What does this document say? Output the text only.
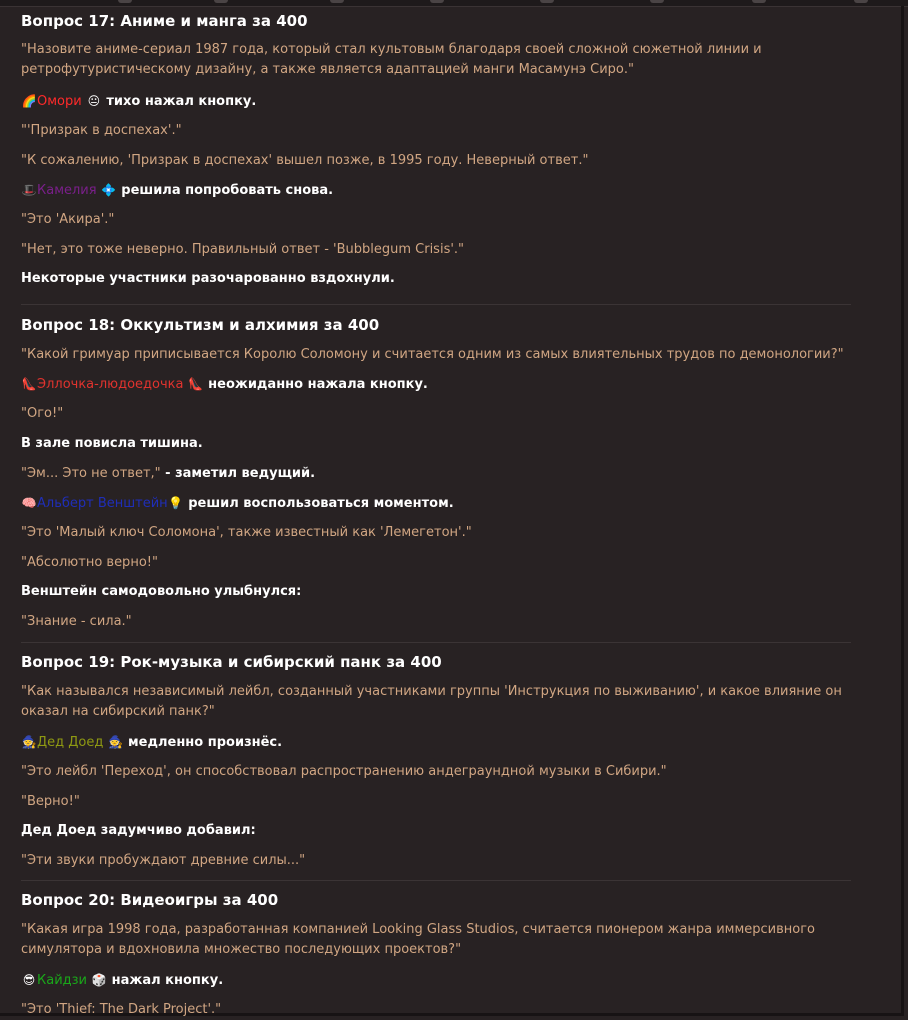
Вопрос 17: Аниме и манга за 400
"Назовите аниме-сериал 1987 года, который стал культовым благодаря своей сложной сюжетной линии и ретрофутуристическому дизайну, а также является адаптацией манги Масамунэ Сиро."
🌈Омори 😐 тихо нажал кнопку.
"'Призрак в доспехах'."
"К сожалению, 'Призрак в доспехах' вышел позже, в 1995 году. Неверный ответ."
🎩Камелия 💠 решила попробовать снова.
"Это 'Акира'."
"Нет, это тоже неверно. Правильный ответ - 'Bubblegum Crisis'."
Некоторые участники разочарованно вздохнули.
Вопрос 18: Оккультизм и алхимия за 400
"Какой гримуар приписывается Королю Соломону и считается одним из самых влиятельных трудов по демонологии?"
👠Эллочка-людоедочка 👠 неожиданно нажала кнопку.
"Ого!"
В зале повисла тишина.
"Эм... Это не ответ," - заметил ведущий.
🧠Альберт Венштейн💡 решил воспользоваться моментом.
"Это 'Малый ключ Соломона', также известный как 'Лемегетон'."
"Абсолютно верно!"
Венштейн самодовольно улыбнулся:
"Знание - сила."
Вопрос 19: Рок-музыка и сибирский панк за 400
"Как назывался независимый лейбл, созданный участниками группы 'Инструкция по выживанию', и какое влияние он оказал на сибирский панк?"
🧙Дед Доед 🧙 медленно произнёс.
"Это лейбл 'Переход', он способствовал распространению андеграундной музыки в Сибири."
"Верно!"
Дед Доед задумчиво добавил:
"Эти звуки пробуждают древние силы..."
Вопрос 20: Видеоигры за 400
"Какая игра 1998 года, разработанная компанией Looking Glass Studios, считается пионером жанра иммерсивного симулятора и вдохновила множество последующих проектов?"
😎 Кайдзи 🎲 нажал кнопку.
"Это 'Thief: The Dark Project'."
